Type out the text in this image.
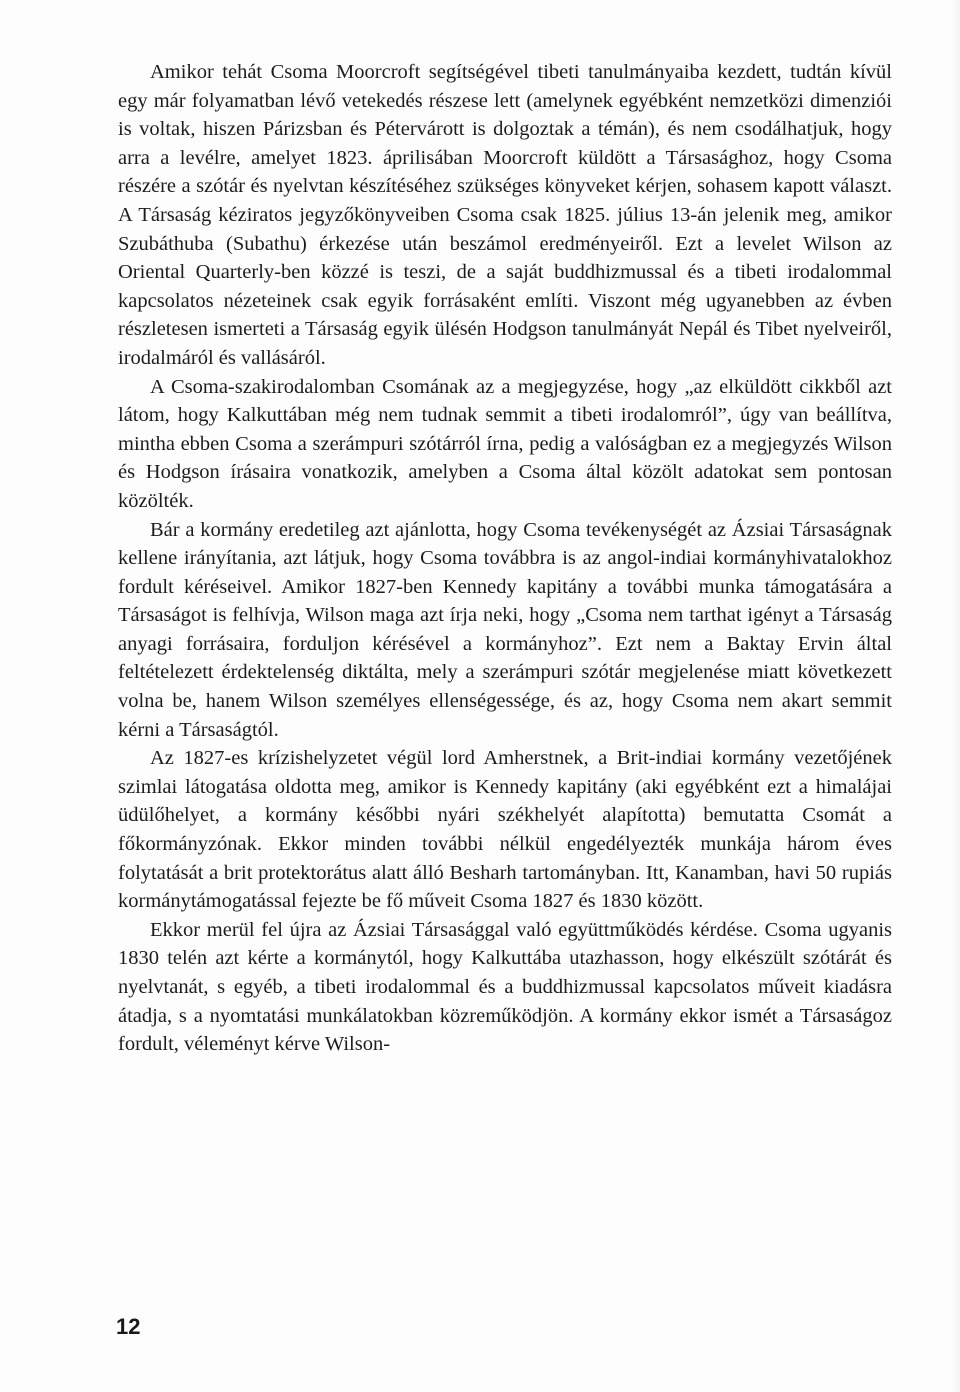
Amikor tehát Csoma Moorcroft segítségével tibeti tanulmányaiba kezdett, tudtán kívül egy már folyamatban lévő vetekedés részese lett (amelynek egyébként nemzetközi dimenziói is voltak, hiszen Párizsban és Pétervárott is dolgoztak a témán), és nem csodálhatjuk, hogy arra a levélre, amelyet 1823. áprilisában Moorcroft küldött a Társasághoz, hogy Csoma részére a szótár és nyelvtan készítéséhez szükséges könyveket kérjen, sohasem kapott választ. A Társaság kéziratos jegyzőkönyveiben Csoma csak 1825. július 13-án jelenik meg, amikor Szubáthuba (Subathu) érkezése után beszámol eredményeiről. Ezt a levelet Wilson az Oriental Quarterly-ben közzé is teszi, de a saját buddhizmussal és a tibeti irodalommal kapcsolatos nézeteinek csak egyik forrásaként említi. Viszont még ugyanebben az évben részletesen ismerteti a Társaság egyik ülésén Hodgson tanulmányát Nepál és Tibet nyelveiről, irodalmáról és vallásáról.

A Csoma-szakirodalomban Csomának az a megjegyzése, hogy „az elküldött cikkből azt látom, hogy Kalkuttában még nem tudnak semmit a tibeti irodalomról”, úgy van beállítva, mintha ebben Csoma a szerámpuri szótárról írna, pedig a valóságban ez a megjegyzés Wilson és Hodgson írásaira vonatkozik, amelyben a Csoma által közölt adatokat sem pontosan közölték.

Bár a kormány eredetileg azt ajánlotta, hogy Csoma tevékenységét az Ázsiai Társaságnak kellene irányítania, azt látjuk, hogy Csoma továbbra is az angol-indiai kormányhivatalokhoz fordult kéréseivel. Amikor 1827-ben Kennedy kapitány a további munka támogatására a Társaságot is felhívja, Wilson maga azt írja neki, hogy „Csoma nem tarthat igényt a Társaság anyagi forrásaira, forduljon kérésével a kormányhoz”. Ezt nem a Baktay Ervin által feltételezett érdektelenség diktálta, mely a szerámpuri szótár megjelenése miatt következett volna be, hanem Wilson személyes ellenségessége, és az, hogy Csoma nem akart semmit kérni a Társaságtól.

Az 1827-es krízishelyzetet végül lord Amherstnek, a Brit-indiai kormány vezetőjének szimlai látogatása oldotta meg, amikor is Kennedy kapitány (aki egyébként ezt a himalájai üdülőhelyet, a kormány későbbi nyári székhelyét alapította) bemutatta Csomát a főkormányzónak. Ekkor minden további nélkül engedélyezték munkája három éves folytatását a brit protektorátus alatt álló Besharh tartományban. Itt, Kanamban, havi 50 rupiás kormánytámogatással fejezte be fő műveit Csoma 1827 és 1830 között.

Ekkor merül fel újra az Ázsiai Társasággal való együttműködés kérdése. Csoma ugyanis 1830 telén azt kérte a kormánytól, hogy Kalkuttába utazhasson, hogy elkészült szótárát és nyelvtanát, s egyéb, a tibeti irodalommal és a buddhizmussal kapcsolatos műveit kiadásra átadja, s a nyomtatási munkálatokban közreműködjön. A kormány ekkor ismét a Társaságoz fordult, véleményt kérve Wilson-

12
